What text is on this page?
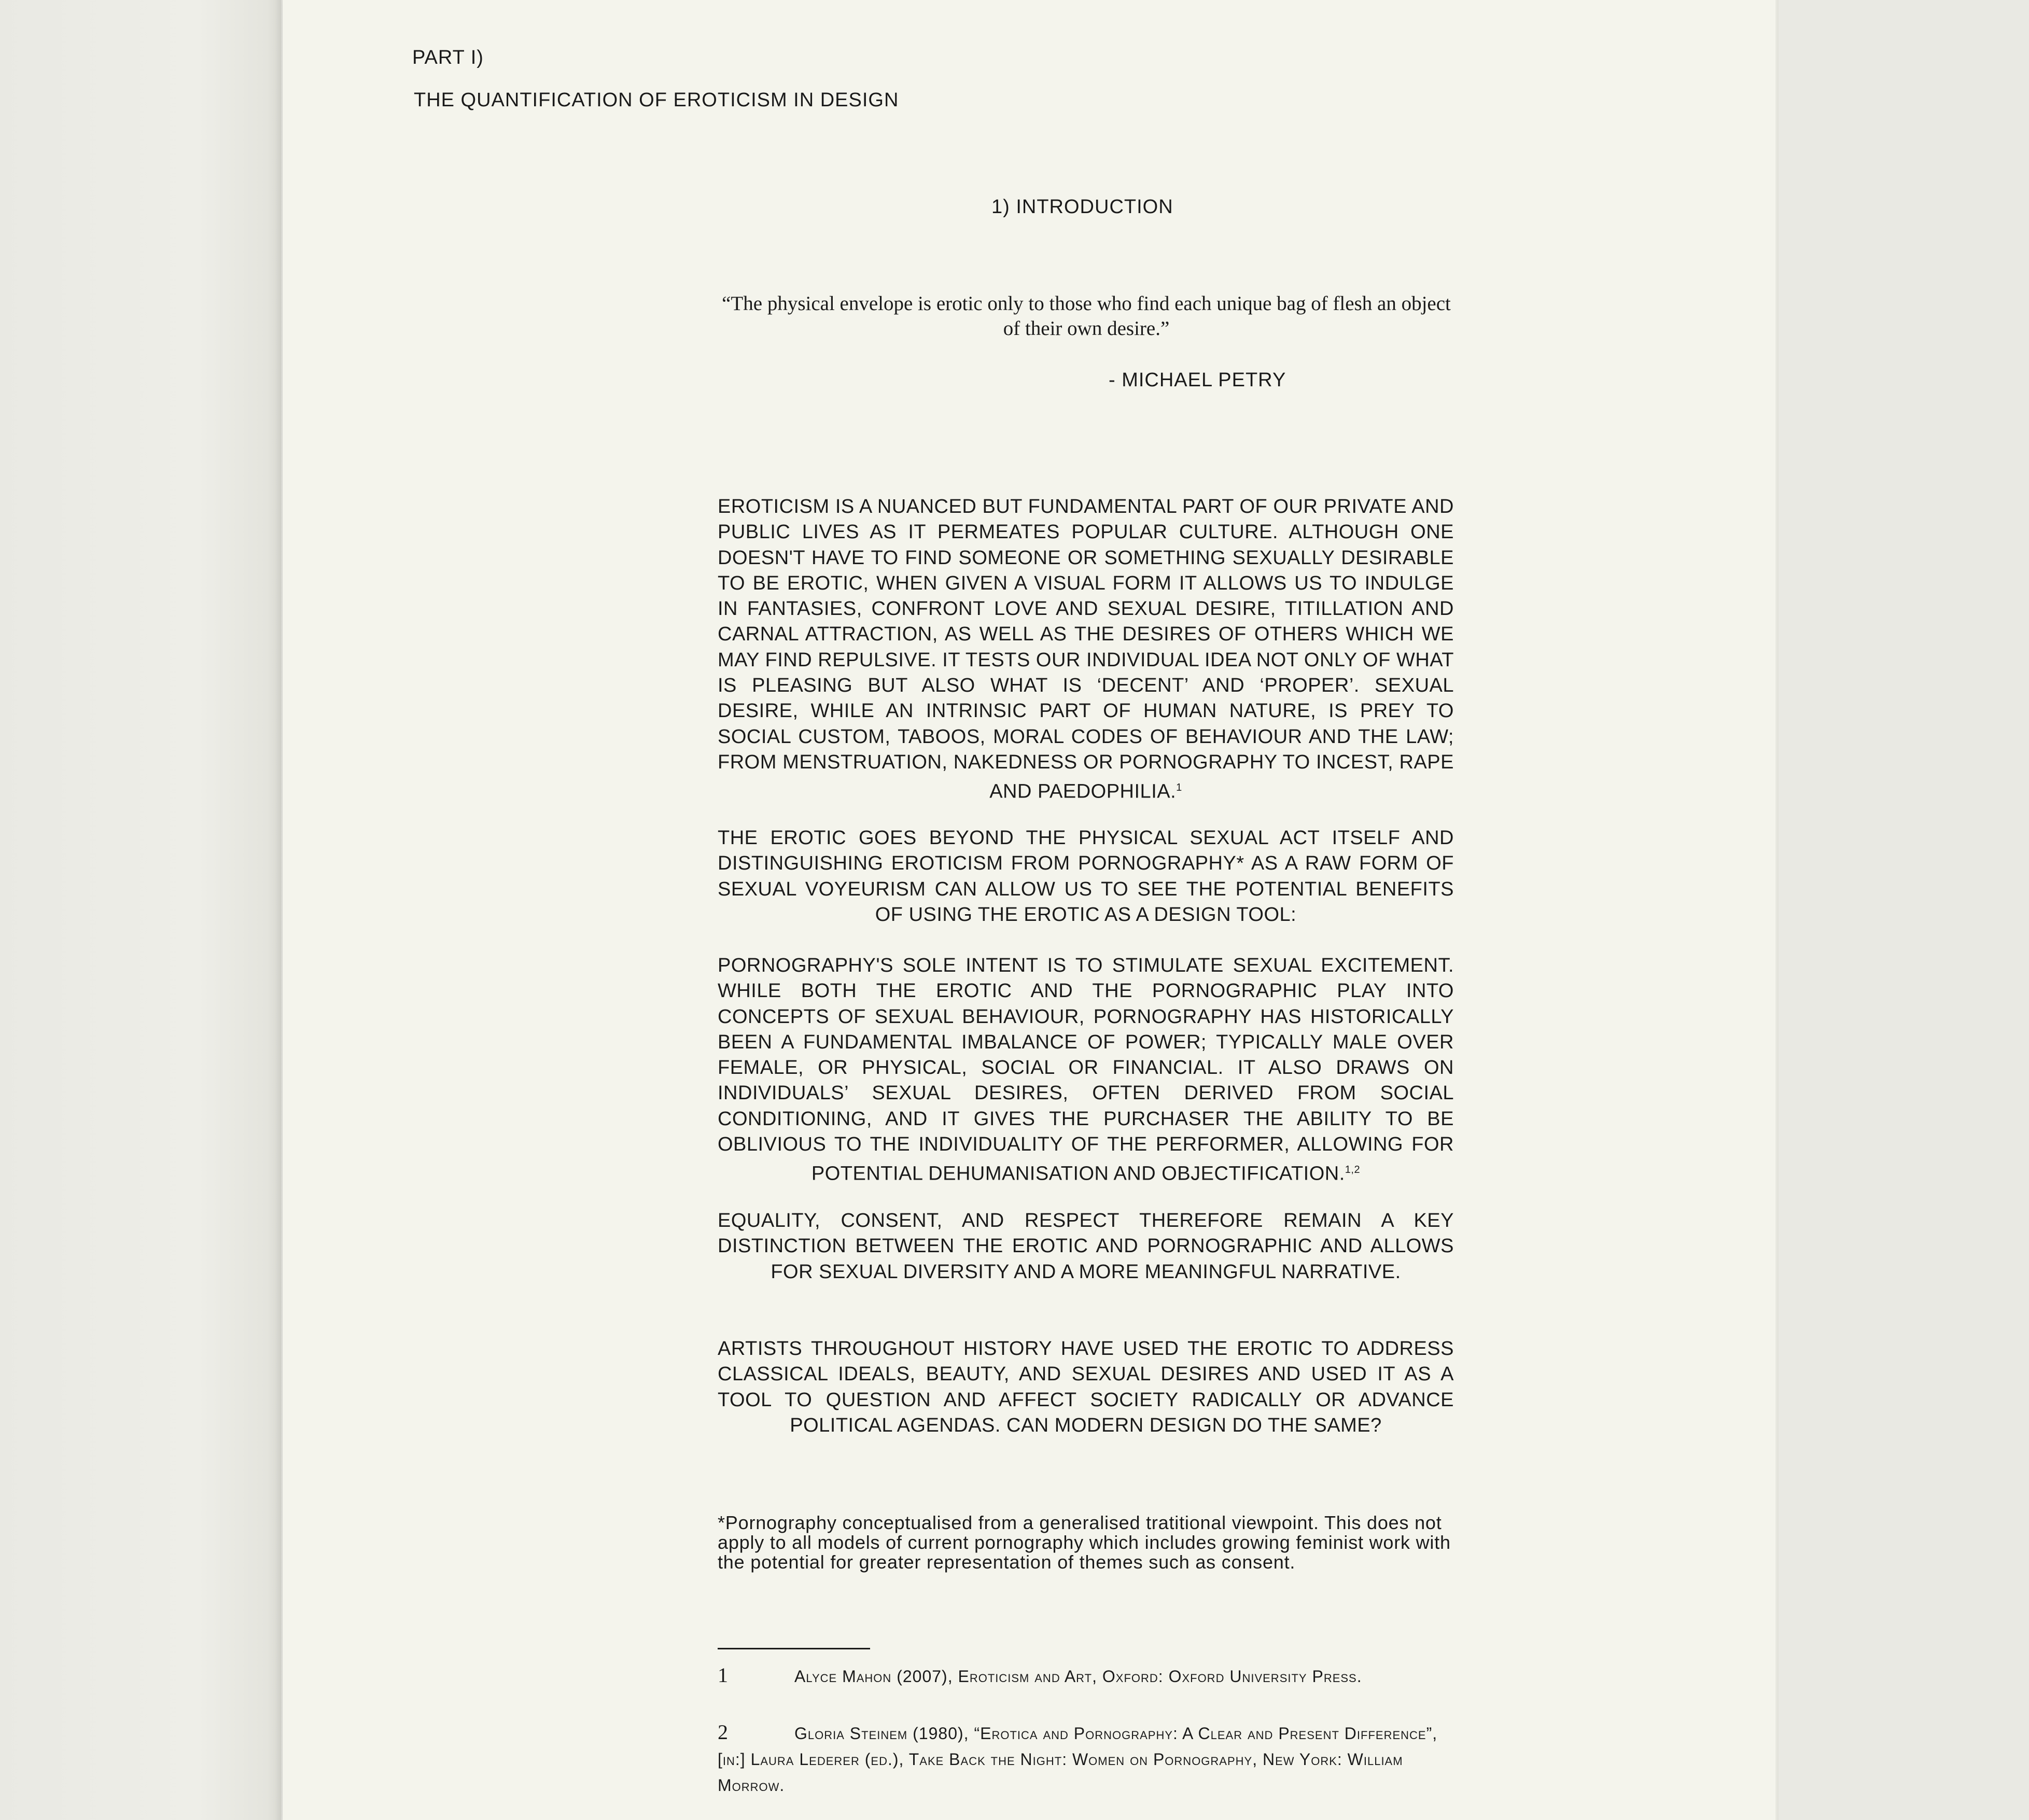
PART I)
THE QUANTIFICATION OF EROTICISM IN DESIGN
1) INTRODUCTION
“The physical envelope is erotic only to those who find each unique bag of flesh an object of their own desire.”
- MICHAEL PETRY

EROTICISM IS A NUANCED BUT FUNDAMENTAL PART OF OUR PRIVATE AND PUBLIC LIVES AS IT PERMEATES POPULAR CULTURE. ALTHOUGH ONE DOESN'T HAVE TO FIND SOMEONE OR SOMETHING SEXUALLY DESIRABLE TO BE EROTIC, WHEN GIVEN A VISUAL FORM IT ALLOWS US TO INDULGE IN FANTASIES, CONFRONT LOVE AND SEXUAL DESIRE, TITILLATION AND CARNAL ATTRACTION, AS WELL AS THE DESIRES OF OTHERS WHICH WE MAY FIND REPULSIVE. IT TESTS OUR INDIVIDUAL IDEA NOT ONLY OF WHAT IS PLEASING BUT ALSO WHAT IS ‘DECENT’ AND ‘PROPER’. SEXUAL DESIRE, WHILE AN INTRINSIC PART OF HUMAN NATURE, IS PREY TO SOCIAL CUSTOM, TABOOS, MORAL CODES OF BEHAVIOUR AND THE LAW; FROM MENSTRUATION, NAKEDNESS OR PORNOGRAPHY TO INCEST, RAPE AND PAEDOPHILIA.$^1$

THE EROTIC GOES BEYOND THE PHYSICAL SEXUAL ACT ITSELF AND DISTINGUISHING EROTICISM FROM PORNOGRAPHY* AS A RAW FORM OF SEXUAL VOYEURISM CAN ALLOW US TO SEE THE POTENTIAL BENEFITS OF USING THE EROTIC AS A DESIGN TOOL:

PORNOGRAPHY'S SOLE INTENT IS TO STIMULATE SEXUAL EXCITEMENT. WHILE BOTH THE EROTIC AND THE PORNOGRAPHIC PLAY INTO CONCEPTS OF SEXUAL BEHAVIOUR, PORNOGRAPHY HAS HISTORICALLY BEEN A FUNDAMENTAL IMBALANCE OF POWER; TYPICALLY MALE OVER FEMALE, OR PHYSICAL, SOCIAL OR FINANCIAL. IT ALSO DRAWS ON INDIVIDUALS’ SEXUAL DESIRES, OFTEN DERIVED FROM SOCIAL CONDITIONING, AND IT GIVES THE PURCHASER THE ABILITY TO BE OBLIVIOUS TO THE INDIVIDUALITY OF THE PERFORMER, ALLOWING FOR POTENTIAL DEHUMANISATION AND OBJECTIFICATION.$^{1,2}$

EQUALITY, CONSENT, AND RESPECT THEREFORE REMAIN A KEY DISTINCTION BETWEEN THE EROTIC AND PORNOGRAPHIC AND ALLOWS FOR SEXUAL DIVERSITY AND A MORE MEANINGFUL NARRATIVE.

ARTISTS THROUGHOUT HISTORY HAVE USED THE EROTIC TO ADDRESS CLASSICAL IDEALS, BEAUTY, AND SEXUAL DESIRES AND USED IT AS A TOOL TO QUESTION AND AFFECT SOCIETY RADICALLY OR ADVANCE POLITICAL AGENDAS. CAN MODERN DESIGN DO THE SAME?

*Pornography conceptualised from a generalised tratitional viewpoint. This does not apply to all models of current pornography which includes growing feminist work with the potential for greater representation of themes such as consent.

1	Alyce Mahon (2007), Eroticism and Art, Oxford: Oxford University Press.

2	Gloria Steinem (1980), “Erotica and Pornography: A Clear and Present Difference”, [in:] Laura Lederer (ed.), Take Back the Night: Women on Pornography, New York: William Morrow.
